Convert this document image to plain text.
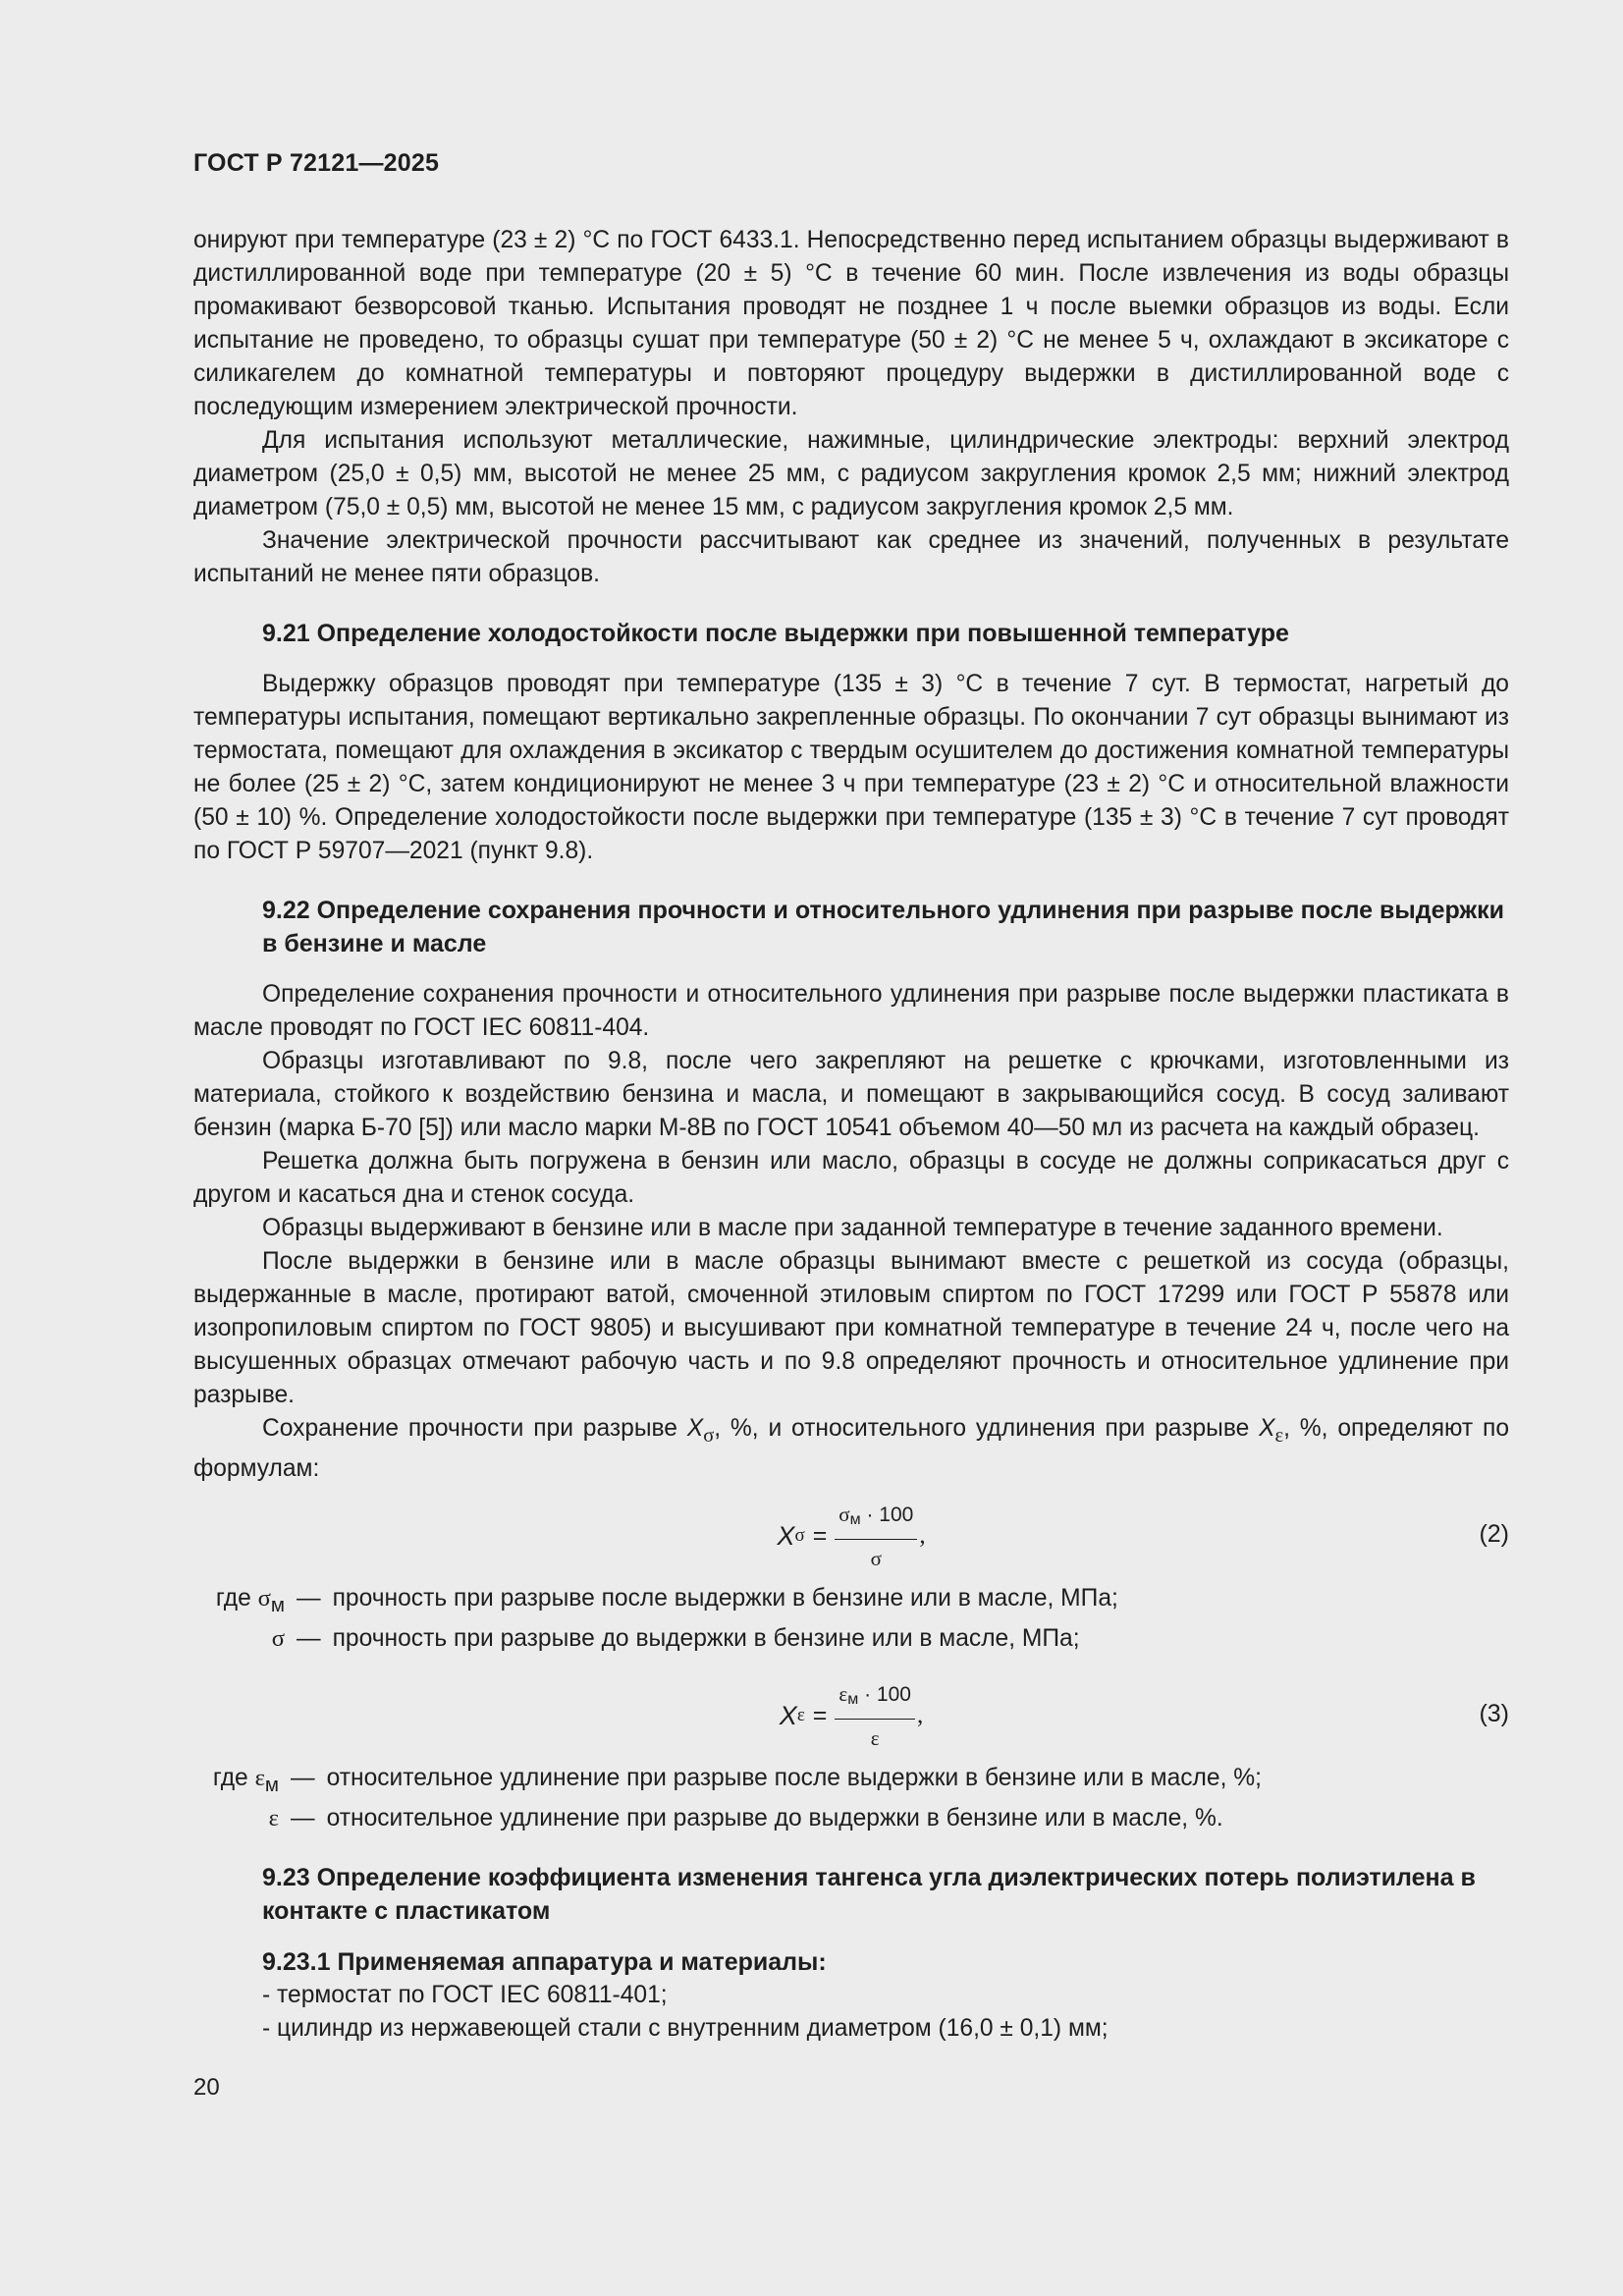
ГОСТ Р 72121—2025

онируют при температуре (23 ± 2) °C по ГОСТ 6433.1. Непосредственно перед испытанием образцы выдерживают в дистиллированной воде при температуре (20 ± 5) °C в течение 60 мин. После извлечения из воды образцы промакивают безворсовой тканью. Испытания проводят не позднее 1 ч после выемки образцов из воды. Если испытание не проведено, то образцы сушат при температуре (50 ± 2) °C не менее 5 ч, охлаждают в эксикаторе с силикагелем до комнатной температуры и повторяют процедуру выдержки в дистиллированной воде с последующим измерением электрической прочности.

Для испытания используют металлические, нажимные, цилиндрические электроды: верхний электрод диаметром (25,0 ± 0,5) мм, высотой не менее 25 мм, с радиусом закругления кромок 2,5 мм; нижний электрод диаметром (75,0 ± 0,5) мм, высотой не менее 15 мм, с радиусом закругления кромок 2,5 мм.

Значение электрической прочности рассчитывают как среднее из значений, полученных в результате испытаний не менее пяти образцов.

9.21 Определение холодостойкости после выдержки при повышенной температуре

Выдержку образцов проводят при температуре (135 ± 3) °C в течение 7 сут. В термостат, нагретый до температуры испытания, помещают вертикально закрепленные образцы. По окончании 7 сут образцы вынимают из термостата, помещают для охлаждения в эксикатор с твердым осушителем до достижения комнатной температуры не более (25 ± 2) °C, затем кондиционируют не менее 3 ч при температуре (23 ± 2) °C и относительной влажности (50 ± 10) %. Определение холодостойкости после выдержки при температуре (135 ± 3) °C в течение 7 сут проводят по ГОСТ Р 59707—2021 (пункт 9.8).

9.22 Определение сохранения прочности и относительного удлинения при разрыве после выдержки в бензине и масле

Определение сохранения прочности и относительного удлинения при разрыве после выдержки пластиката в масле проводят по ГОСТ IEC 60811-404.

Образцы изготавливают по 9.8, после чего закрепляют на решетке с крючками, изготовленными из материала, стойкого к воздействию бензина и масла, и помещают в закрывающийся сосуд. В сосуд заливают бензин (марка Б-70 [5]) или масло марки М-8В по ГОСТ 10541 объемом 40—50 мл из расчета на каждый образец.

Решетка должна быть погружена в бензин или масло, образцы в сосуде не должны соприкасаться друг с другом и касаться дна и стенок сосуда.

Образцы выдерживают в бензине или в масле при заданной температуре в течение заданного времени.

После выдержки в бензине или в масле образцы вынимают вместе с решеткой из сосуда (образцы, выдержанные в масле, протирают ватой, смоченной этиловым спиртом по ГОСТ 17299 или ГОСТ Р 55878 или изопропиловым спиртом по ГОСТ 9805) и высушивают при комнатной температуре в течение 24 ч, после чего на высушенных образцах отмечают рабочую часть и по 9.8 определяют прочность и относительное удлинение при разрыве.

Сохранение прочности при разрыве $X_\sigma$, %, и относительного удлинения при разрыве $X_\varepsilon$, %, определяют по формулам:

X $\sigma = \frac{\sigma м \cdot 100}{\sigma}$ ,	(2)
где $\sigma_м$ — прочность при разрыве после выдержки в бензине или в масле, МПа;
σ — прочность при разрыве до выдержки в бензине или в масле, МПа;
X $\varepsilon = \frac{\varepsilon м \cdot 100}{\varepsilon}$ ,	(3)
где $\varepsilon_м$ — относительное удлинение при разрыве после выдержки в бензине или в масле, %;
ε — относительное удлинение при разрыве до выдержки в бензине или в масле, %.
9.23 Определение коэффициента изменения тангенса угла диэлектрических потерь полиэтилена в контакте с пластикатом
9.23.1 Применяемая аппаратура и материалы:
- термостат по ГОСТ IEC 60811-401;
- цилиндр из нержавеющей стали с внутренним диаметром (16,0 ± 0,1) мм;
20
